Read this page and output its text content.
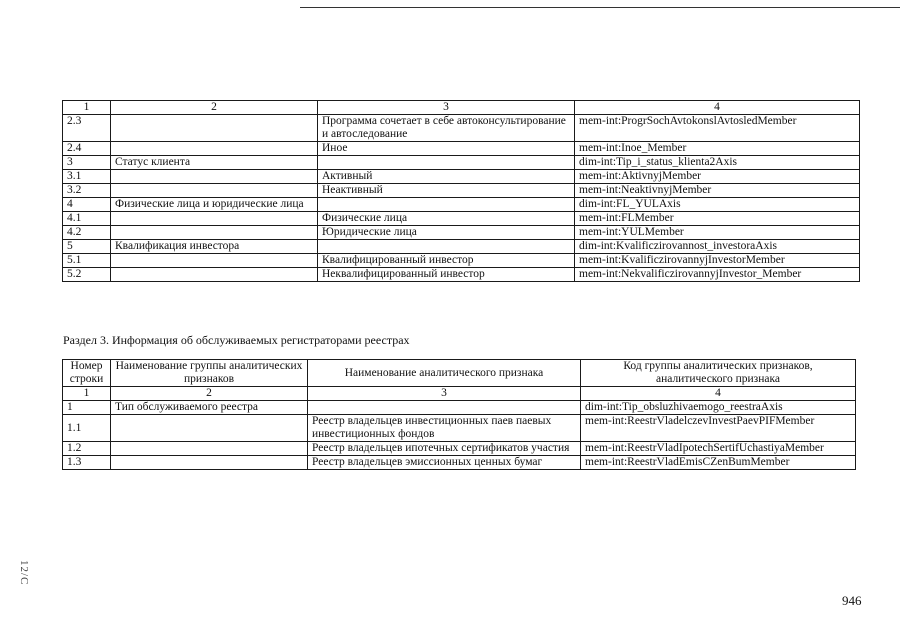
1	2	3	4
2.3		Программа сочетает в себе автоконсультирование и автоследование	mem-int:ProgrSochAvtokonslAvtosledMember
2.4		Иное	mem-int:Inoe_Member
3	Статус клиента		dim-int:Tip_i_status_klienta2Axis
3.1		Активный	mem-int:AktivnyjMember
3.2		Неактивный	mem-int:NeaktivnyjMember
4	Физические лица и юридические лица		dim-int:FL_YULAxis
4.1		Физические лица	mem-int:FLMember
4.2		Юридические лица	mem-int:YULMember
5	Квалификация инвестора		dim-int:Kvalificzirovannost_investoraAxis
5.1		Квалифицированный инвестор	mem-int:KvalificzirovannyjInvestorMember
5.2		Неквалифицированный инвестор	mem-int:NekvalificzirovannyjInvestor_Member
Раздел 3. Информация об обслуживаемых регистраторами реестрах
Номер строки	Наименование группы аналитических признаков	Наименование аналитического признака	Код группы аналитических признаков, аналитического признака
1	2	3	4
1	Тип обслуживаемого реестра		dim-int:Tip_obsluzhivaemogo_reestraAxis
1.1		Реестр владельцев инвестиционных паев паевых инвестиционных фондов	mem-int:ReestrVladelczevInvestPaevPIFMember
1.2		Реестр владельцев ипотечных сертификатов участия	mem-int:ReestrVladIpotechSertifUchastiyaMember
1.3		Реестр владельцев эмиссионных ценных бумаг	mem-int:ReestrVladEmisCZenBumMember
12/C
946
